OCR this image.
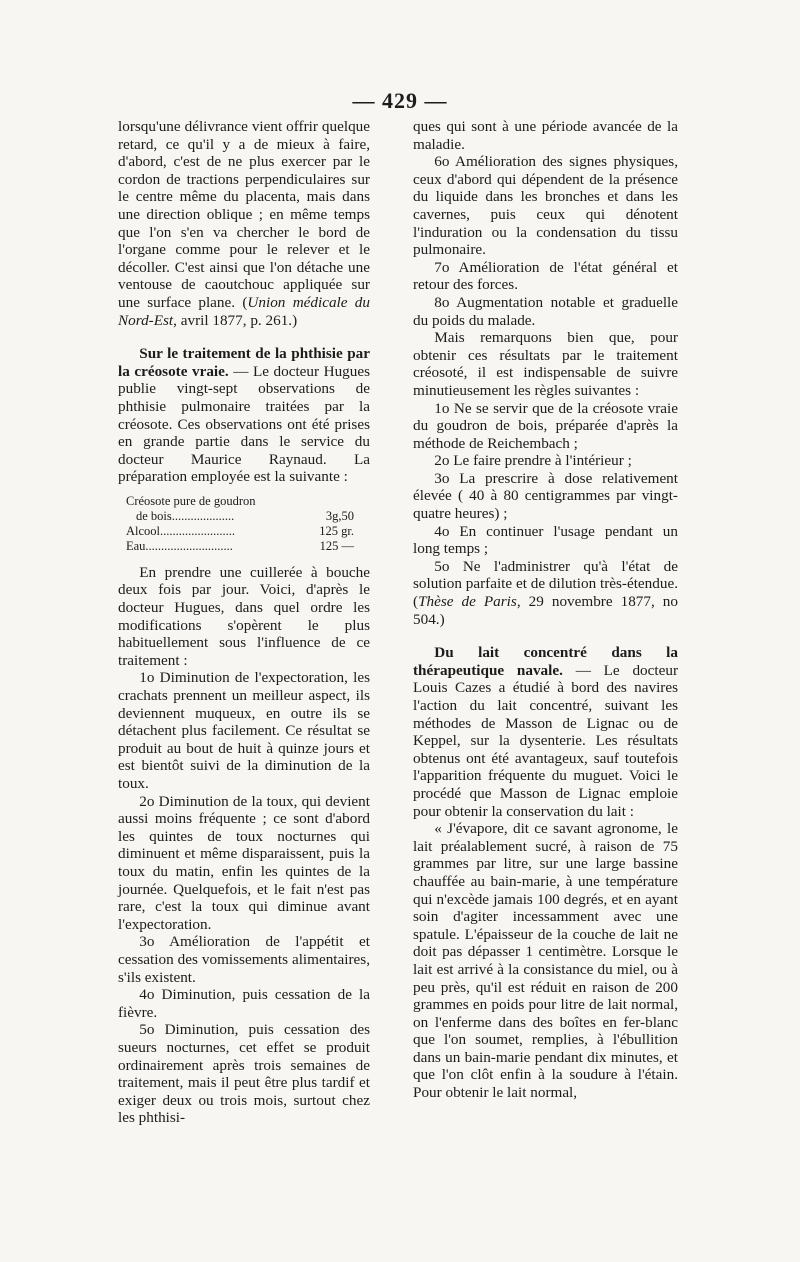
— 429 —

lorsqu'une délivrance vient offrir quelque retard, ce qu'il y a de mieux à faire, d'abord, c'est de ne plus exercer par le cordon de tractions perpendiculaires sur le centre même du placenta, mais dans une direction oblique ; en même temps que l'on s'en va chercher le bord de l'organe comme pour le relever et le décoller. C'est ainsi que l'on détache une ventouse de caoutchouc appliquée sur une surface plane. (Union médicale du Nord-Est, avril 1877, p. 261.)

Sur le traitement de la phthisie par la créosote vraie. — Le docteur Hugues publie vingt-sept observations de phthisie pulmonaire traitées par la créosote. Ces observations ont été prises en grande partie dans le service du docteur Maurice Raynaud. La préparation employée est la suivante :

Créosote pure de goudron	
de bois....................	3g,50
Alcool........................	125 gr.
Eau............................	125 —

En prendre une cuillerée à bouche deux fois par jour. Voici, d'après le docteur Hugues, dans quel ordre les modifications s'opèrent le plus habituellement sous l'influence de ce traitement :

1o Diminution de l'expectoration, les crachats prennent un meilleur aspect, ils deviennent muqueux, en outre ils se détachent plus facilement. Ce résultat se produit au bout de huit à quinze jours et est bientôt suivi de la diminution de la toux.

2o Diminution de la toux, qui devient aussi moins fréquente ; ce sont d'abord les quintes de toux nocturnes qui diminuent et même disparaissent, puis la toux du matin, enfin les quintes de la journée. Quelquefois, et le fait n'est pas rare, c'est la toux qui diminue avant l'expectoration.

3o Amélioration de l'appétit et cessation des vomissements alimentaires, s'ils existent.

4o Diminution, puis cessation de la fièvre.

5o Diminution, puis cessation des sueurs nocturnes, cet effet se produit ordinairement après trois semaines de traitement, mais il peut être plus tardif et exiger deux ou trois mois, surtout chez les phthisi-

ques qui sont à une période avancée de la maladie.

6o Amélioration des signes physiques, ceux d'abord qui dépendent de la présence du liquide dans les bronches et dans les cavernes, puis ceux qui dénotent l'induration ou la condensation du tissu pulmonaire.

7o Amélioration de l'état général et retour des forces.

8o Augmentation notable et graduelle du poids du malade.

Mais remarquons bien que, pour obtenir ces résultats par le traitement créosoté, il est indispensable de suivre minutieusement les règles suivantes :

1o Ne se servir que de la créosote vraie du goudron de bois, préparée d'après la méthode de Reichembach ;

2o Le faire prendre à l'intérieur ;

3o La prescrire à dose relativement élevée ( 40 à 80 centigrammes par vingt-quatre heures) ;

4o En continuer l'usage pendant un long temps ;

5o Ne l'administrer qu'à l'état de solution parfaite et de dilution très-étendue. (Thèse de Paris, 29 novembre 1877, no 504.)

Du lait concentré dans la thérapeutique navale. — Le docteur Louis Cazes a étudié à bord des navires l'action du lait concentré, suivant les méthodes de Masson de Lignac ou de Keppel, sur la dysenterie. Les résultats obtenus ont été avantageux, sauf toutefois l'apparition fréquente du muguet. Voici le procédé que Masson de Lignac emploie pour obtenir la conservation du lait :

« J'évapore, dit ce savant agronome, le lait préalablement sucré, à raison de 75 grammes par litre, sur une large bassine chauffée au bain-marie, à une température qui n'excède jamais 100 degrés, et en ayant soin d'agiter incessamment avec une spatule. L'épaisseur de la couche de lait ne doit pas dépasser 1 centimètre. Lorsque le lait est arrivé à la consistance du miel, ou à peu près, qu'il est réduit en raison de 200 grammes en poids pour litre de lait normal, on l'enferme dans des boîtes en fer-blanc que l'on soumet, remplies, à l'ébullition dans un bain-marie pendant dix minutes, et que l'on clôt enfin à la soudure à l'étain. Pour obtenir le lait normal,
